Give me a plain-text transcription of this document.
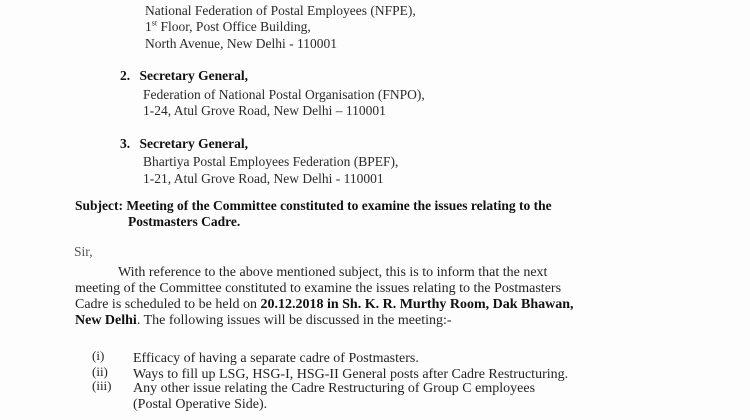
National Federation of Postal Employees (NFPE),
1st Floor, Post Office Building,
North Avenue, New Delhi - 110001
2. Secretary General,
Federation of National Postal Organisation (FNPO),
1-24, Atul Grove Road, New Delhi – 110001
3. Secretary General,
Bhartiya Postal Employees Federation (BPEF),
1-21, Atul Grove Road, New Delhi - 110001
Subject: Meeting of the Committee constituted to examine the issues relating to the
Postmasters Cadre.
Sir,
With reference to the above mentioned subject, this is to inform that the next
meeting of the Committee constituted to examine the issues relating to the Postmasters
Cadre is scheduled to be held on 20.12.2018 in Sh. K. R. Murthy Room, Dak Bhawan,
New Delhi. The following issues will be discussed in the meeting:-
(i) Efficacy of having a separate cadre of Postmasters.
(ii) Ways to fill up LSG, HSG-I, HSG-II General posts after Cadre Restructuring.
(iii) Any other issue relating the Cadre Restructuring of Group C employees
(Postal Operative Side).
